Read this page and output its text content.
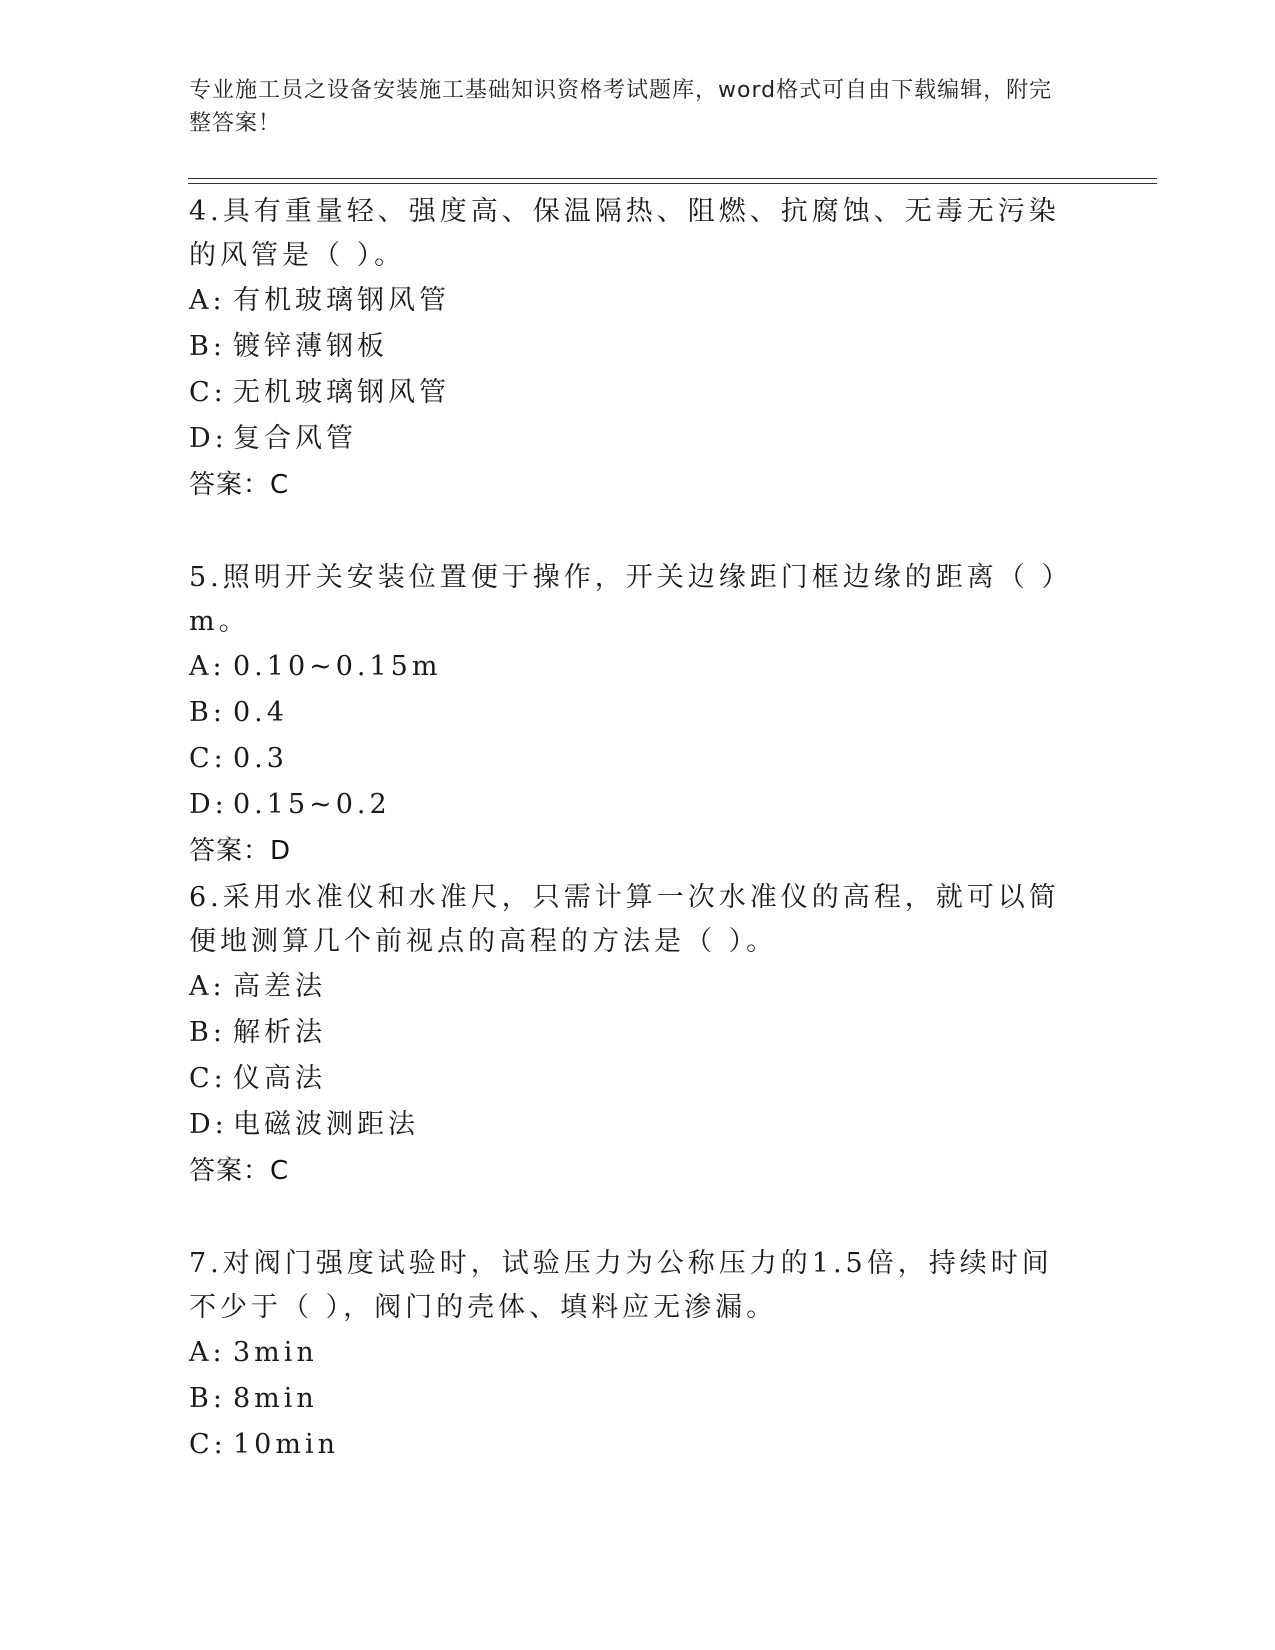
专业施工员之设备安装施工基础知识资格考试题库，word格式可自由下载编辑，附完整答案！

4.具有重量轻、强度高、保温隔热、阻燃、抗腐蚀、无毒无污染的风管是（ ）。

A: 有机玻璃钢风管
B: 镀锌薄钢板
C: 无机玻璃钢风管
D: 复合风管

答案：C

5.照明开关安装位置便于操作，开关边缘距门框边缘的距离（ ）m。

A: 0.10~0.15m
B: 0.4
C: 0.3
D: 0.15~0.2

答案：D

6.采用水准仪和水准尺，只需计算一次水准仪的高程，就可以简便地测算几个前视点的高程的方法是（ ）。

A: 高差法
B: 解析法
C: 仪高法
D: 电磁波测距法

答案：C

7.对阀门强度试验时，试验压力为公称压力的1.5倍，持续时间不少于（ ），阀门的壳体、填料应无渗漏。

A: 3min
B: 8min
C: 10min
